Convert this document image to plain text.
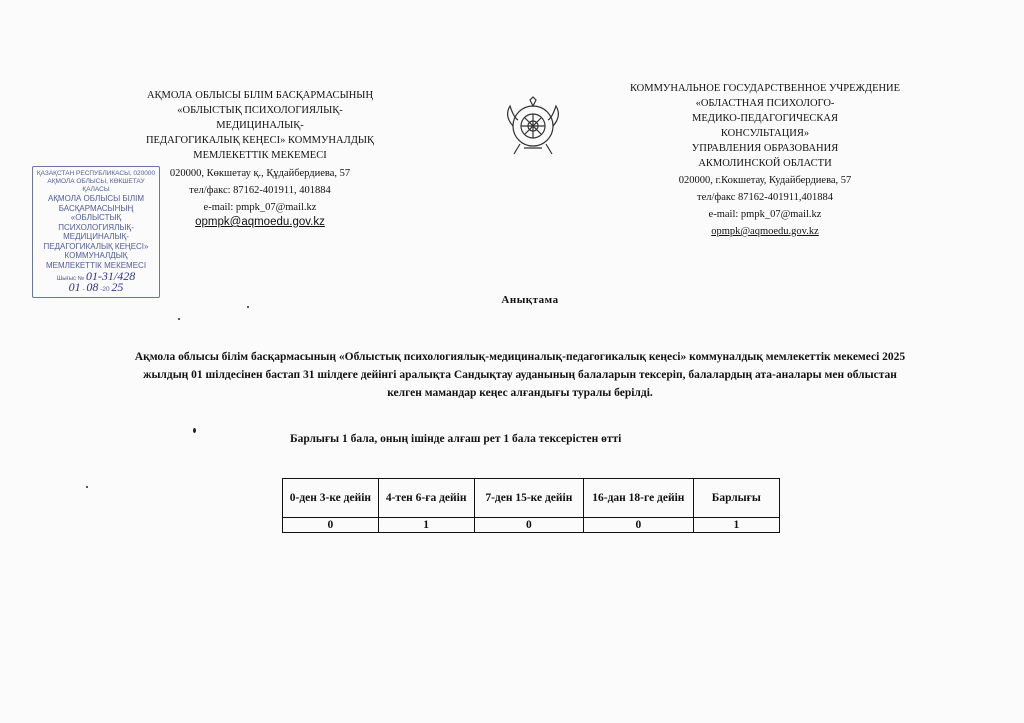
АҚМОЛА ОБЛЫСЫ БІЛІМ БАСҚАРМАСЫНЫҢ
«ОБЛЫСТЫҚ ПСИХОЛОГИЯЛЫҚ-
МЕДИЦИНАЛЫҚ-
ПЕДАГОГИКАЛЫҚ КЕҢЕСІ» КОММУНАЛДЫҚ
МЕМЛЕКЕТТІК МЕКЕМЕСІ
020000, Көкшетау қ., Құдайбердиева, 57
тел/факс: 87162-401911, 401884
e-mail: pmpk_07@mail.kz
opmpk@aqmoedu.gov.kz
КОММУНАЛЬНОЕ ГОСУДАРСТВЕННОЕ УЧРЕЖДЕНИЕ
«ОБЛАСТНАЯ ПСИХОЛОГО-
МЕДИКО-ПЕДАГОГИЧЕСКАЯ
КОНСУЛЬТАЦИЯ»
УПРАВЛЕНИЯ ОБРАЗОВАНИЯ
АКМОЛИНСКОЙ ОБЛАСТИ
020000, г.Кокшетау, Кудайбердиева, 57
тел/факс 87162-401911,401884
e-mail: pmpk_07@mail.kz
opmpk@aqmoedu.gov.kz
ҚАЗАҚСТАН РЕСПУБЛИКАСЫ, 020000
АҚМОЛА ОБЛЫСЫ, КӨКШЕТАУ ҚАЛАСЫ
АҚМОЛА ОБЛЫСЫ БІЛІМ
БАСҚАРМАСЫНЫҢ «ОБЛЫСТЫҚ
ПСИХОЛОГИЯЛЫҚ-
МЕДИЦИНАЛЫҚ-
ПЕДАГОГИКАЛЫҚ КЕҢЕСІ»
КОММУНАЛДЫҚ
МЕМЛЕКЕТТІК МЕКЕМЕСІ
Шығыс № 01-31/428
01 - 08 -20 25
Анықтама
Ақмола облысы білім басқармасының «Облыстық психологиялық-медициналық-педагогикалық кеңесі» коммуналдық мемлекеттік мекемесі 2025 жылдың 01 шілдесінен бастап 31 шілдеге дейінгі аралықта Сандықтау ауданының балаларын тексеріп, балалардың ата-аналары мен облыстан келген мамандар кеңес алғандығы туралы берілді.
Барлығы 1 бала, оның ішінде алғаш рет 1 бала тексерістен өтті
0-ден 3-ке дейін	4-тен 6-ға дейін	7-ден 15-ке дейін	16-дан 18-ге дейін	Барлығы
0	1	0	0	1
